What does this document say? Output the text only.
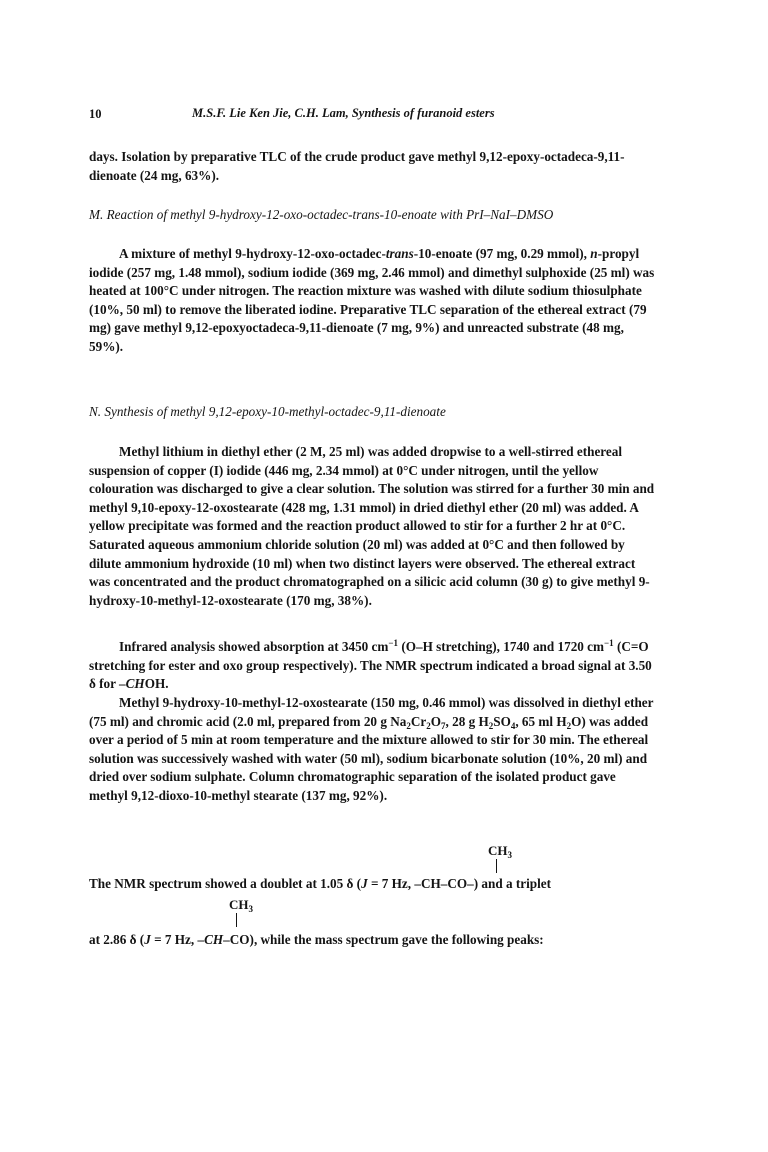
10	M.S.F. Lie Ken Jie, C.H. Lam, Synthesis of furanoid esters

days. Isolation by preparative TLC of the crude product gave methyl 9,12-epoxy-octadeca-9,11-dienoate (24 mg, 63%).

M. Reaction of methyl 9-hydroxy-12-oxo-octadec-trans-10-enoate with PrI–NaI–DMSO

A mixture of methyl 9-hydroxy-12-oxo-octadec-trans-10-enoate (97 mg, 0.29 mmol), n-propyl iodide (257 mg, 1.48 mmol), sodium iodide (369 mg, 2.46 mmol) and dimethyl sulphoxide (25 ml) was heated at 100°C under nitrogen. The reaction mixture was washed with dilute sodium thiosulphate (10%, 50 ml) to remove the liberated iodine. Preparative TLC separation of the ethereal extract (79 mg) gave methyl 9,12-epoxyoctadeca-9,11-dienoate (7 mg, 9%) and unreacted substrate (48 mg, 59%).

N. Synthesis of methyl 9,12-epoxy-10-methyl-octadec-9,11-dienoate

Methyl lithium in diethyl ether (2 M, 25 ml) was added dropwise to a well-stirred ethereal suspension of copper (I) iodide (446 mg, 2.34 mmol) at 0°C under nitrogen, until the yellow colouration was discharged to give a clear solution. The solution was stirred for a further 30 min and methyl 9,10-epoxy-12-oxostearate (428 mg, 1.31 mmol) in dried diethyl ether (20 ml) was added. A yellow precipitate was formed and the reaction product allowed to stir for a further 2 hr at 0°C. Saturated aqueous ammonium chloride solution (20 ml) was added at 0°C and then followed by dilute ammonium hydroxide (10 ml) when two distinct layers were observed. The ethereal extract was concentrated and the product chromatographed on a silicic acid column (30 g) to give methyl 9-hydroxy-10-methyl-12-oxostearate (170 mg, 38%).

Infrared analysis showed absorption at 3450 $cm^{-1}$ (O–H stretching), 1740 and 1720 $cm^{-1}$ (C=O stretching for ester and oxo group respectively). The NMR spectrum indicated a broad signal at 3.50 δ for –CHOH.

Methyl 9-hydroxy-10-methyl-12-oxostearate (150 mg, 0.46 mmol) was dissolved in diethyl ether (75 ml) and chromic acid (2.0 ml, prepared from 20 g $Na_2Cr_2O_7$, 28 g $H_2SO_4$, 65 ml $H_2O$) was added over a period of 5 min at room temperature and the mixture allowed to stir for 30 min. The ethereal solution was successively washed with water (50 ml), sodium bicarbonate solution (10%, 20 ml) and dried over sodium sulphate. Column chromatographic separation of the isolated product gave methyl 9,12-dioxo-10-methyl stearate (137 mg, 92%).

$CH_3$

The NMR spectrum showed a doublet at 1.05 δ (J = 7 Hz, –CH–CO–) and a triplet

$CH_3$

at 2.86 δ (J = 7 Hz, –CH–CO), while the mass spectrum gave the following peaks:
